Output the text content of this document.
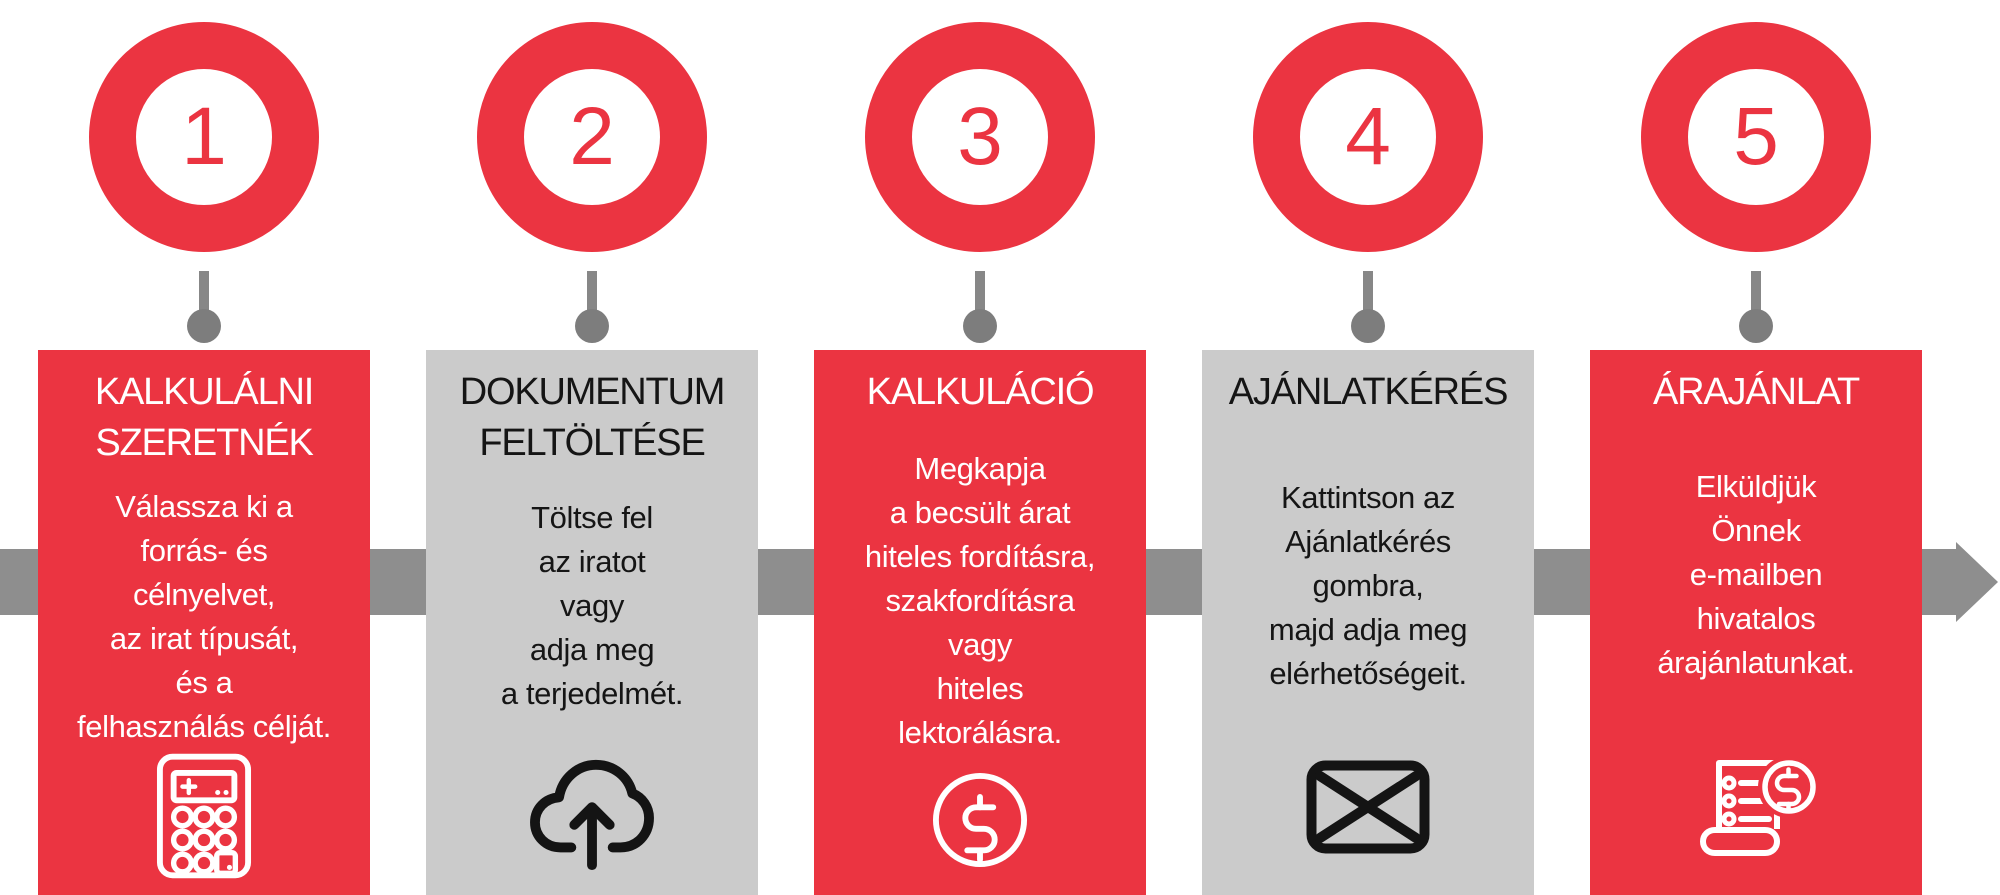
1
KALKULÁLNI
SZERETNÉK
Válassza ki a
forrás- és
célnyelvet,
az irat típusát,
és a
felhasználás célját.
2
DOKUMENTUM
FELTÖLTÉSE
Töltse fel
az iratot
vagy
adja meg
a terjedelmét.
3
KALKULÁCIÓ
Megkapja
a becsült árat
hiteles fordításra,
szakfordításra
vagy
hiteles
lektorálásra.
4
AJÁNLATKÉRÉS
Kattintson az
Ajánlatkérés
gombra,
majd adja meg
elérhetőségeit.
5
ÁRAJÁNLAT
Elküldjük
Önnek
e-mailben
hivatalos
árajánlatunkat.
